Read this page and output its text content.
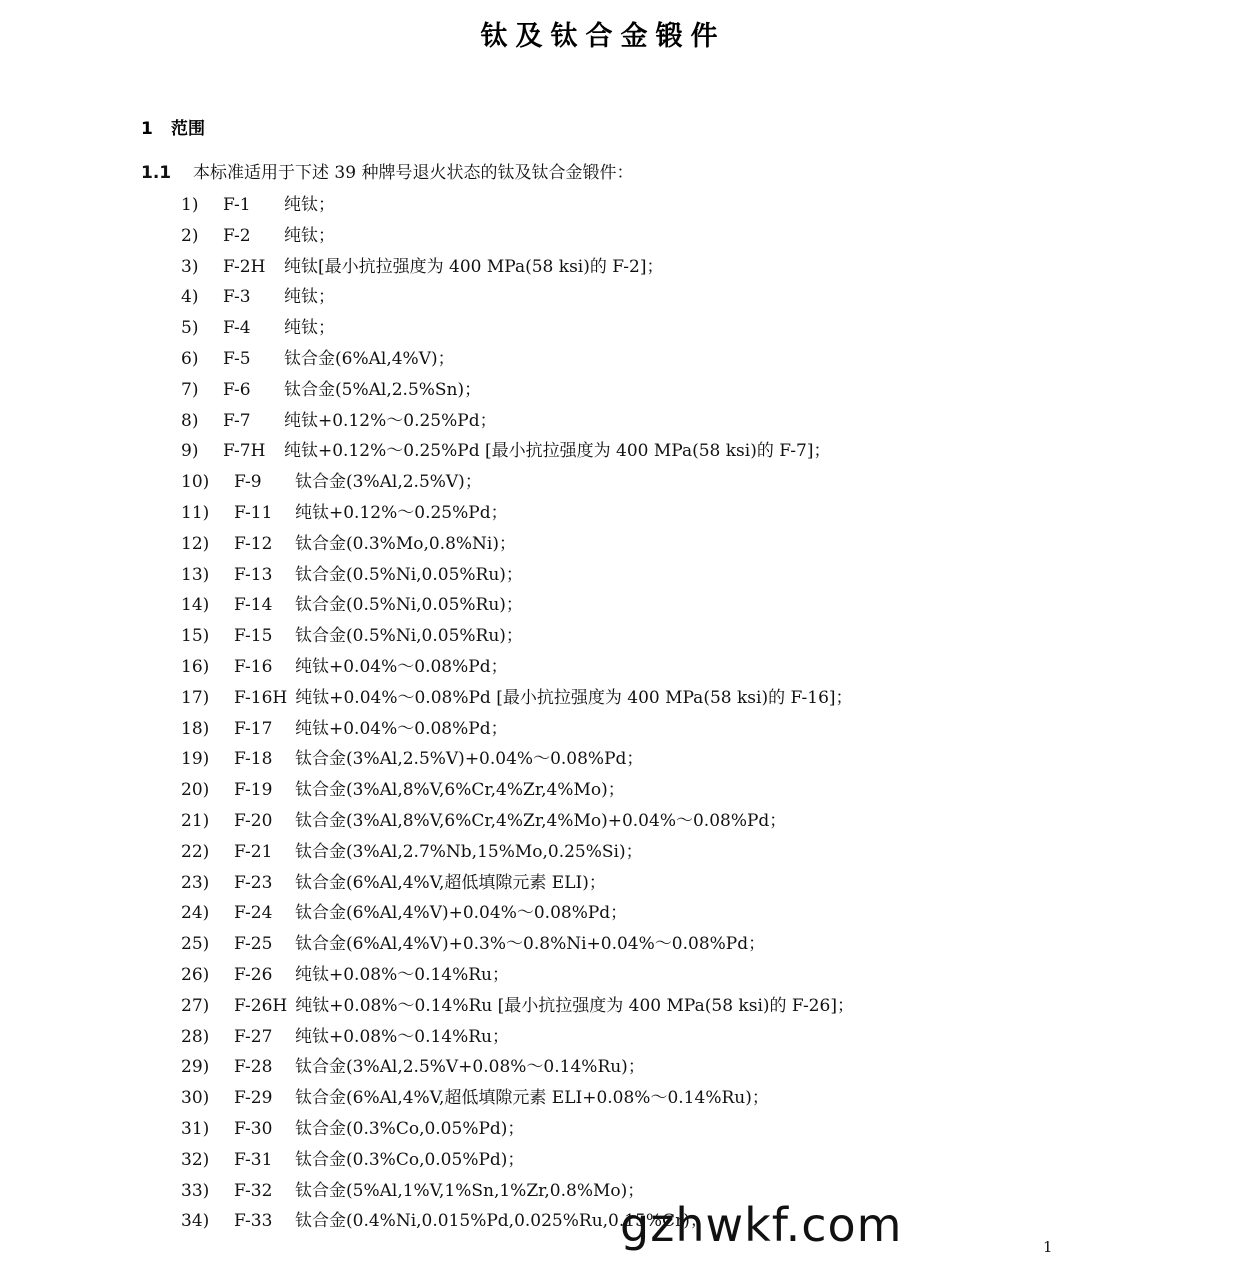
钛及钛合金锻件
1 范围
1.1 本标准适用于下述 39 种牌号退火状态的钛及钛合金锻件：
1) F-1 纯钛；
2) F-2 纯钛；
3) F-2H 纯钛[最小抗拉强度为 400 MPa(58 ksi)的 F-2]；
4) F-3 纯钛；
5) F-4 纯钛；
6) F-5 钛合金(6%Al,4%V)；
7) F-6 钛合金(5%Al,2.5%Sn)；
8) F-7 纯钛+0.12%～0.25%Pd；
9) F-7H 纯钛+0.12%～0.25%Pd [最小抗拉强度为 400 MPa(58 ksi)的 F-7]；
10) F-9 钛合金(3%Al,2.5%V)；
11) F-11 纯钛+0.12%～0.25%Pd；
12) F-12 钛合金(0.3%Mo,0.8%Ni)；
13) F-13 钛合金(0.5%Ni,0.05%Ru)；
14) F-14 钛合金(0.5%Ni,0.05%Ru)；
15) F-15 钛合金(0.5%Ni,0.05%Ru)；
16) F-16 纯钛+0.04%～0.08%Pd；
17) F-16H 纯钛+0.04%～0.08%Pd [最小抗拉强度为 400 MPa(58 ksi)的 F-16]；
18) F-17 纯钛+0.04%～0.08%Pd；
19) F-18 钛合金(3%Al,2.5%V)+0.04%～0.08%Pd；
20) F-19 钛合金(3%Al,8%V,6%Cr,4%Zr,4%Mo)；
21) F-20 钛合金(3%Al,8%V,6%Cr,4%Zr,4%Mo)+0.04%～0.08%Pd；
22) F-21 钛合金(3%Al,2.7%Nb,15%Mo,0.25%Si)；
23) F-23 钛合金(6%Al,4%V,超低填隙元素 ELI)；
24) F-24 钛合金(6%Al,4%V)+0.04%～0.08%Pd；
25) F-25 钛合金(6%Al,4%V)+0.3%～0.8%Ni+0.04%～0.08%Pd；
26) F-26 纯钛+0.08%～0.14%Ru；
27) F-26H 纯钛+0.08%～0.14%Ru [最小抗拉强度为 400 MPa(58 ksi)的 F-26]；
28) F-27 纯钛+0.08%～0.14%Ru；
29) F-28 钛合金(3%Al,2.5%V+0.08%～0.14%Ru)；
30) F-29 钛合金(6%Al,4%V,超低填隙元素 ELI+0.08%～0.14%Ru)；
31) F-30 钛合金(0.3%Co,0.05%Pd)；
32) F-31 钛合金(0.3%Co,0.05%Pd)；
33) F-32 钛合金(5%Al,1%V,1%Sn,1%Zr,0.8%Mo)；
34) F-33 钛合金(0.4%Ni,0.015%Pd,0.025%Ru,0.15%Cr)；
gzhwkf.com	1
